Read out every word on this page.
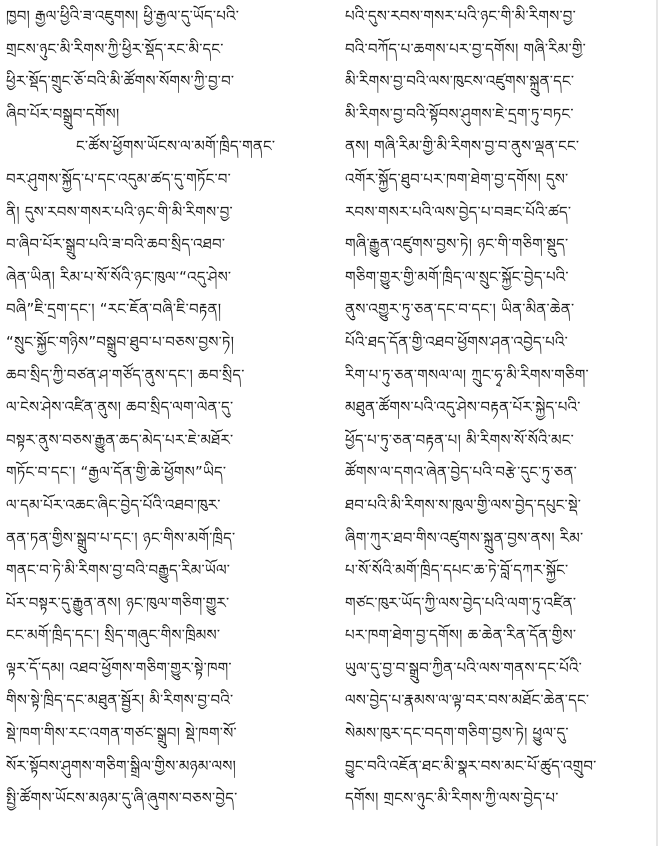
ཁྱབ། རྒྱལ་ཕྱིའི་ཟ་འཇུགས། ཕྱི་རྒྱལ་དུ་ཡོད་པའི་
གྲངས་ཉུང་མི་རིགས་ཀྱི་ཕྱིར་སྡོད་རང་མི་དང་
ཕྱིར་སྡོད་གྲུང་ཅོ་བའི་མི་ཚོགས་སོགས་ཀྱི་བྱ་བ་
ཞིབ་པོར་བསྒྲུབ་དགོས།
ང་ཚོས་ཕྱོགས་ཡོངས་ལ་མགོ་ཁྲིད་གནང་
བར་ཤུགས་སྐྱོད་པ་དང་འདུམ་ཚད་དུ་གཏོང་བ་
ནི། དུས་རབས་གསར་པའི་ཉང་གི་མི་རིགས་བྱ་
བ་ཞིབ་པོར་སྒྲུབ་པའི་ཟ་བའི་ཆབ་སྲིད་འཐབ་
ཞེན་ཡིན། རིམ་པ་སོ་སོའི་ཉང་ཁུལ་“འདུ་ཤེས་
བཞི”ཇི་དྲག་དང་། “རང་ཇོན་བཞི་ཇི་བརྟན།
“སྲུང་སྐྱོང་གཉིས”བསྒྲུབ་ཐུབ་པ་བཅས་བྱས་ཏེ།
ཆབ་སྲིད་ཀྱི་བཙན་ཤ་གཙོད་ནུས་དང་། ཆབ་སྲིད་
ལ་ངེས་ཤེས་འཛིན་ནུས། ཆབ་སྲིད་ལག་ལེན་དུ་
བསྟར་ནུས་བཅས་རྒྱུན་ཆད་མེད་པར་ཇེ་མཐོར་
གཏོང་བ་དང་། “རྒྱལ་དོན་གྱི་ཆེ་ཕྱོགས”ཡིད་
ལ་དམ་པོར་འཆང་ཞིང་བྱེད་པོའི་འཐབ་ཁུར་
ནན་ཏན་གྱིས་སྒྲུབ་པ་དང་། ཉང་གིས་མགོ་ཁྲིད་
གནང་བ་ཏེ་མི་རིགས་བྱ་བའི་བརྒྱུད་རིམ་ཡོལ་
པོར་བསྟར་དུ་རྒྱུན་ནས། ཉང་ཁུལ་གཅིག་གྱུར་
ངང་མགོ་ཁྲིད་དང་། སྲིད་གཞུང་གིས་ཁྲིམས་
ལྟར་དོ་དམ། འཐབ་ཕྱོགས་གཅིག་གྱུར་སྟེ་ཁག་
གིས་སྟེ་ཁྲིད་དང་མཐུན་སྦྱོར། མི་རིགས་བྱ་བའི་
སྡེ་ཁག་གིས་རང་འགན་གཙང་སྒྲུབ། སྡེ་ཁག་སོ་
སོར་སྟོབས་ཤུགས་གཅིག་སྒྲིལ་གྱིས་མཉམ་ལས།
སྤྱི་ཚོགས་ཡོངས་མཉམ་དུ་ཞི་ཞུགས་བཅས་བྱེད་
པའི་དུས་རབས་གསར་པའི་ཉང་གི་མི་རིགས་བྱ་
བའི་བཀོད་པ་ཆགས་པར་བྱ་དགོས། གཞི་རིམ་གྱི་
མི་རིགས་བྱ་བའི་ལས་ཁུངས་འཛུགས་སྐྲུན་དང་
མི་རིགས་བྱ་བའི་སྟོབས་ཤུགས་ཇེ་དྲག་ཏུ་བཏང་
ནས། གཞི་རིམ་གྱི་མི་རིགས་བྱ་བ་ནུས་ལྡན་ངང་
འགོར་སྐྱོད་ཐུབ་པར་ཁག་ཐེག་བྱ་དགོས། དུས་
རབས་གསར་པའི་ལས་བྱེད་པ་བཟང་པོའི་ཚད་
གཞི་རྒྱུན་འཛུགས་བྱས་ཏེ། ཉང་གི་གཅིག་སྡུད་
གཅིག་གྱུར་གྱི་མགོ་ཁྲིད་ལ་སྲུང་སྐྱོང་བྱེད་པའི་
ནུས་འགྱུར་ཏུ་ཅན་དང་བ་དང་། ཡིན་མིན་ཆེན་
པོའི་ཐད་དོན་གྱི་འཐབ་ཕྱོགས་ཤན་འབྱེད་པའི་
རིག་པ་ཏུ་ཅན་གསལ་ལ། ཀྲུང་ཧྭ་མི་རིགས་གཅིག་
མཐུན་ཚོགས་པའི་འདུ་ཤེས་བརྟན་པོར་སྐྱེད་པའི་
ཕྱོད་པ་ཏུ་ཅན་བརྟན་པ། མི་རིགས་སོ་སོའི་མང་
ཚོགས་ལ་དགའ་ཞེན་བྱེད་པའི་བརྩེ་དུང་ཏུ་ཅན་
ཐབ་པའི་མི་རིགས་ས་ཁུལ་གྱི་ལས་བྱེད་དཔུང་སྡེ་
ཞིག་ཀུར་ཐབ་གིས་འཛུགས་སྐྲུན་བྱས་ནས། རིམ་
པ་སོ་སོའི་མགོ་ཁྲིད་དཔང་ཆ་ཏེ་བློ་དཀར་སྐྱོང་
གཙང་ཁུར་ཡོད་ཀྱི་ལས་བྱེད་པའི་ལག་ཏུ་འཛིན་
པར་ཁག་ཐེག་བྱ་དགོས། ཆ་ཆེན་རིན་དོན་གྱིས་
ཡུལ་དུ་བྱ་བ་སྒྲུབ་ཀྱིན་པའི་ལས་གནས་དང་པོའི་
ལས་བྱེད་པ་རྣམས་ལ་ལྟ་བར་བས་མཐོང་ཆེན་དང་
སེམས་ཁུར་དང་བདག་གཅིག་བྱས་ཏེ། ཕྱུལ་དུ་
བྱུང་བའི་འཇོན་ཐང་མི་སྣར་བས་མང་པོ་ཚུད་འགྲུབ་
དགོས། གྲངས་ཉུང་མི་རིགས་ཀྱི་ལས་བྱེད་པ་
